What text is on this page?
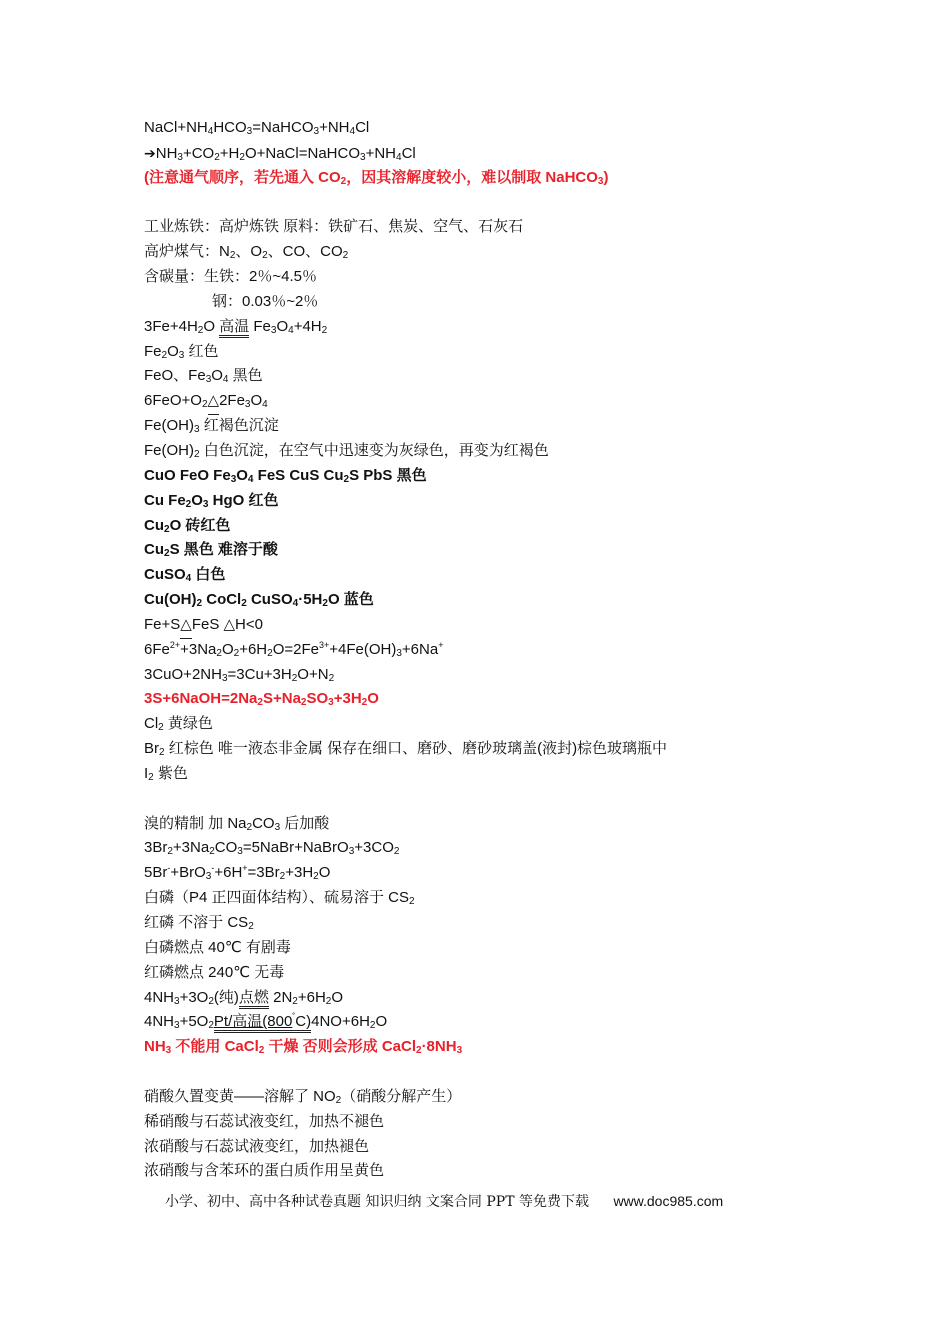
$NaCl+NH_4HCO_3=NaHCO_3+NH_4Cl$
$➔NH_3+CO_2+H_2O+NaCl=NaHCO_3+NH_4Cl$
(注意通气顺序，若先通入 $CO_2$，因其溶解度较小，难以制取 NaHCO$_3$)
工业炼铁：高炉炼铁 原料：铁矿石、焦炭、空气、石灰石
高炉煤气：$N_2$、$O_2$、CO、$CO_2$
含碳量：生铁：2％~4.5％
钢：0.03％~2％
$3Fe+4H_2O$ 高温 $Fe_3O_4+4H_2$
$Fe_2O_3$ 红色
FeO、$Fe_3O_4$ 黑色
$6FeO+O_2\triangle 2Fe_3O_4$
$Fe(OH)_3$ 红褐色沉淀
$Fe(OH)_2$ 白色沉淀，在空气中迅速变为灰绿色，再变为红褐色
CuO FeO $Fe_3O_4$ FeS CuS $Cu_2S$ PbS 黑色
Cu $Fe_2O_3$ HgO 红色
$Cu_2O$ 砖红色
$Cu_2S$ 黑色 难溶于酸
CuSO$_4$ 白色
$Cu(OH)_2$ CoCl$_2$ $CuSO_4\cdot 5H_2O$ 蓝色
Fe+S△FeS △H<0
$6Fe^{2+}+3Na_2O_2+6H_2O=2Fe^{3+}+4Fe(OH)_3+6Na^+$
$3CuO+2NH_3=3Cu+3H_2O+N_2$
$3S+6NaOH=2Na_2S+Na_2SO_3+3H_2O$
$Cl_2$ 黄绿色
$Br_2$ 红棕色 唯一液态非金属 保存在细口、磨砂、磨砂玻璃盖(液封)棕色玻璃瓶中
$I_2$ 紫色
溴的精制 加 $Na_2CO_3$ 后加酸
$3Br_2+3Na_2CO_3=5NaBr+NaBrO_3+3CO_2$
$5Br^-+BrO_3^-+6H^+=3Br_2+3H_2O$
白磷（P4 正四面体结构）、硫易溶于 $CS_2$
红磷 不溶于 $CS_2$
白磷燃点 40℃ 有剧毒
红磷燃点 240℃ 无毒
$4NH_3+3O_2$(纯)点燃 $2N_2+6H_2O$
$4NH_3+5O_2Pt/$高温$(800^˚C)4NO+6H_2O$
$NH_3$ 不能用 CaCl$_2$ 干燥 否则会形成 $CaCl_2\cdot 8NH_3$
硝酸久置变黄——溶解了 $NO_2$（硝酸分解产生）
稀硝酸与石蕊试液变红，加热不褪色
浓硝酸与石蕊试液变红，加热褪色
浓硝酸与含苯环的蛋白质作用呈黄色
小学、初中、高中各种试卷真题 知识归纳 文案合同 PPT 等免费下载 www.doc985.com
